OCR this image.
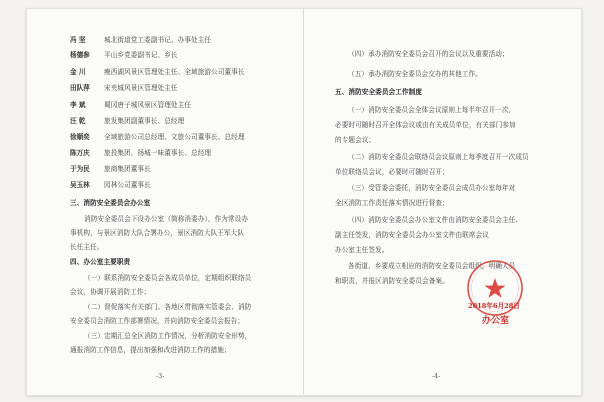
冯 坚	城北街道党工委副书记、办事处主任
杨德参 平山乡党委副书记、乡长
金 川	瘦西湖风景区管理处主任、全域旅游公司董事长
田队萍 宋夹城风景区管理处主任
李 斌	蜀冈唐子城风景区管理处主任
汪 乾	旅发集团副董事长、总经理
徐顺奕 全域旅游公司总经理、文旅公司董事长、总经理
陈万庆 旅投集团、扬城一味董事长、总经理
于为民 旅商集团董事长
吴玉林 园林公司董事长
三、消防安全委员会办公室
消防安全委员会下设办公室（简称消委办），作为常设办
事机构，与景区消防大队合署办公，景区消防大队王军大队
长任主任。
四、办公室主要职责
（一）联系消防安全委员会各成员单位，定期组织联络员
会议，协调开展消防工作；
（二）督促落实有关部门、各地区贯彻落实管委会、消防
安全委员会消防工作部署情况，并向消防安全委员会报告；
（三）定期汇总全区消防工作情况，分析消防安全形势，
通报消防工作信息，提出加强和改进消防工作的措施；
-3-
（四）承办消防安全委员会召开的会议以及重要活动；
（五）承办消防安全委员会交办的其他工作。
五、消防安全委员会工作制度
（一）消防安全委员会全体会议原则上每半年召开一次，
必要时可随时召开全体会议或由有关成员单位，有关部门参加
的专题会议；
（二）消防安全委员会联络员会议原则上每季度召开一次成员
单位联络员会议，必要时可随时召开；
（三）受管委会委托，消防安全委员会成员办公室每年对
全区消防工作责任落实情况进行督查；
（四）消防安全委员会办公室文件由消防安全委员会主任、
副主任签发，消防安全委员会办公室文件由联席会议
办公室主任签发。
各街道、乡要成立相应的消防安全委员会组织，明确人员
和职责，并报区消防安全委员会备案。
2018年6月28日
办公室
-4-
